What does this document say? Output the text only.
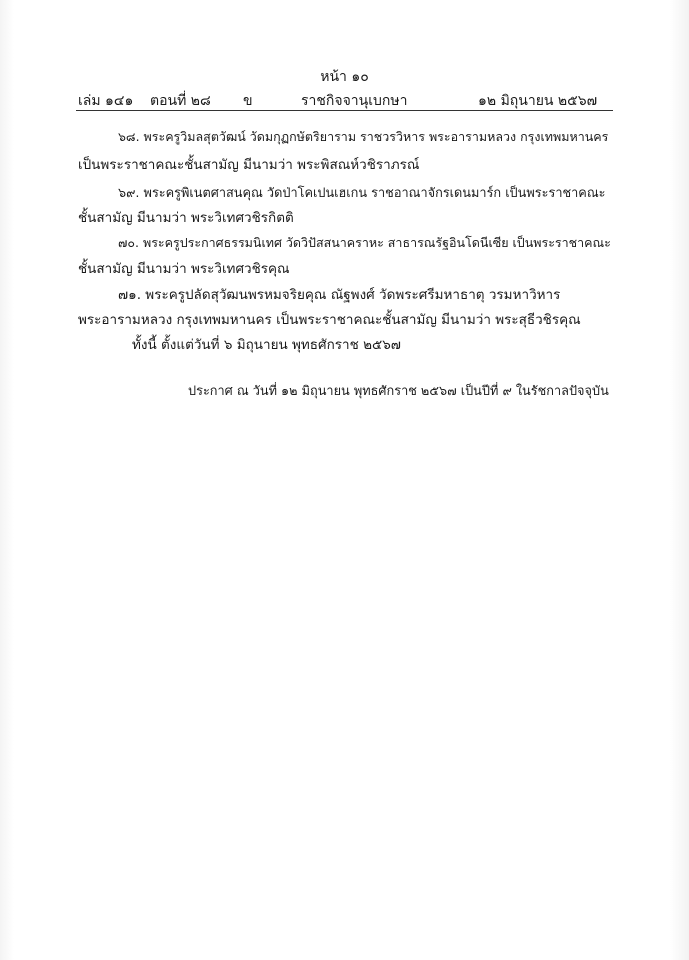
หน้า ๑๐
เล่ม ๑๔๑ ตอนที่ ๒๘ ข	ราชกิจจานุเบกษา	๑๒ มิถุนายน ๒๕๖๗
๖๘. พระครูวิมลสุตวัฒน์ วัดมกุฏกษัตริยาราม ราชวรวิหาร พระอารามหลวง กรุงเทพมหานคร
เป็นพระราชาคณะชั้นสามัญ มีนามว่า พระพิสณห์วชิราภรณ์
๖๙. พระครูพิเนตศาสนคุณ วัดป่าโคเปนเฮเกน ราชอาณาจักรเดนมาร์ก เป็นพระราชาคณะ
ชั้นสามัญ มีนามว่า พระวิเทศวชิรกิตติ
๗๐. พระครูประกาศธรรมนิเทศ วัดวิปัสสนาคราหะ สาธารณรัฐอินโดนีเซีย เป็นพระราชาคณะ
ชั้นสามัญ มีนามว่า พระวิเทศวชิรคุณ
๗๑. พระครูปลัดสุวัฒนพรหมจริยคุณ ณัฐพงศ์ วัดพระศรีมหาธาตุ วรมหาวิหาร
พระอารามหลวง กรุงเทพมหานคร เป็นพระราชาคณะชั้นสามัญ มีนามว่า พระสุธีวชิรคุณ
ทั้งนี้ ตั้งแต่วันที่ ๖ มิถุนายน พุทธศักราช ๒๕๖๗
ประกาศ ณ วันที่ ๑๒ มิถุนายน พุทธศักราช ๒๕๖๗ เป็นปีที่ ๙ ในรัชกาลปัจจุบัน
